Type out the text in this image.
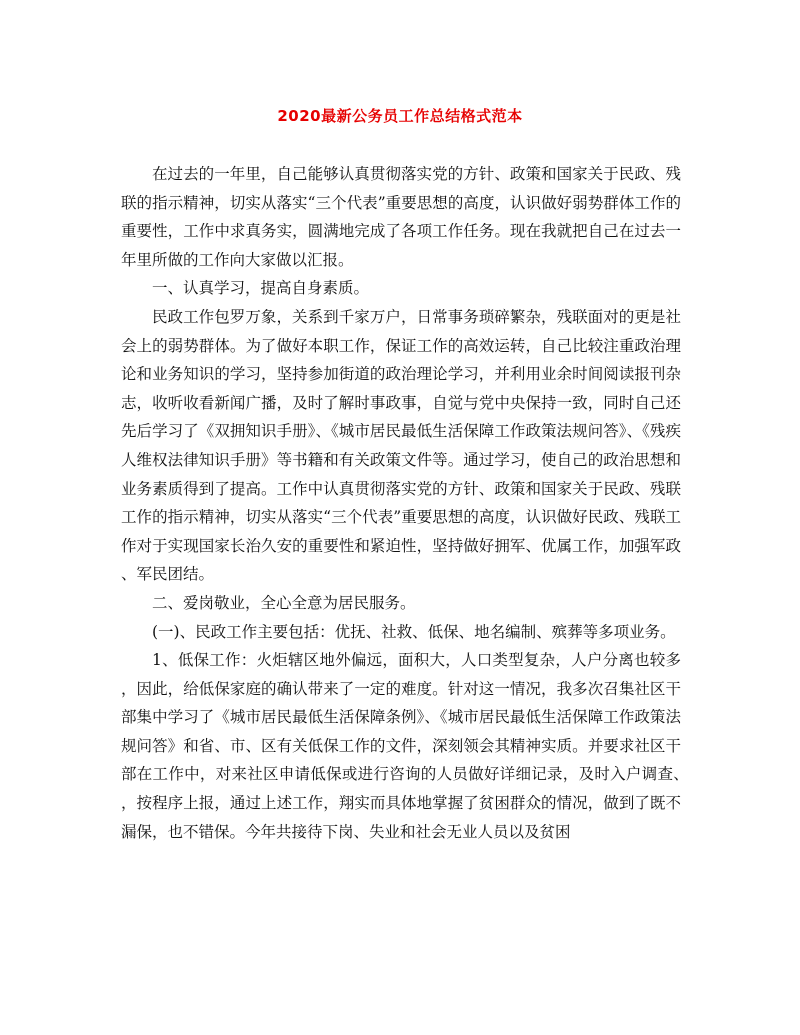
2020最新公务员工作总结格式范本

在过去的一年里，自己能够认真贯彻落实党的方针、政策和国家关于民政、残联的指示精神，切实从落实“三个代表”重要思想的高度，认识做好弱势群体工作的重要性，工作中求真务实，圆满地完成了各项工作任务。现在我就把自己在过去一年里所做的工作向大家做以汇报。

一、认真学习，提高自身素质。

民政工作包罗万象，关系到千家万户，日常事务琐碎繁杂，残联面对的更是社会上的弱势群体。为了做好本职工作，保证工作的高效运转，自己比较注重政治理论和业务知识的学习，坚持参加街道的政治理论学习，并利用业余时间阅读报刊杂志，收听收看新闻广播，及时了解时事政事，自觉与党中央保持一致，同时自己还先后学习了《双拥知识手册》、《城市居民最低生活保障工作政策法规问答》、《残疾人维权法律知识手册》等书籍和有关政策文件等。通过学习，使自己的政治思想和业务素质得到了提高。工作中认真贯彻落实党的方针、政策和国家关于民政、残联工作的指示精神，切实从落实“三个代表”重要思想的高度，认识做好民政、残联工作对于实现国家长治久安的重要性和紧迫性，坚持做好拥军、优属工作，加强军政、军民团结。

二、爱岗敬业，全心全意为居民服务。

(一)、民政工作主要包括：优抚、社救、低保、地名编制、殡葬等多项业务。

1、低保工作：火炬辖区地外偏远，面积大，人口类型复杂，人户分离也较多，因此，给低保家庭的确认带来了一定的难度。针对这一情况，我多次召集社区干部集中学习了《城市居民最低生活保障条例》、《城市居民最低生活保障工作政策法规问答》和省、市、区有关低保工作的文件，深刻领会其精神实质。并要求社区干部在工作中，对来社区申请低保或进行咨询的人员做好详细记录，及时入户调查、，按程序上报，通过上述工作，翔实而具体地掌握了贫困群众的情况，做到了既不漏保，也不错保。今年共接待下岗、失业和社会无业人员以及贫困
